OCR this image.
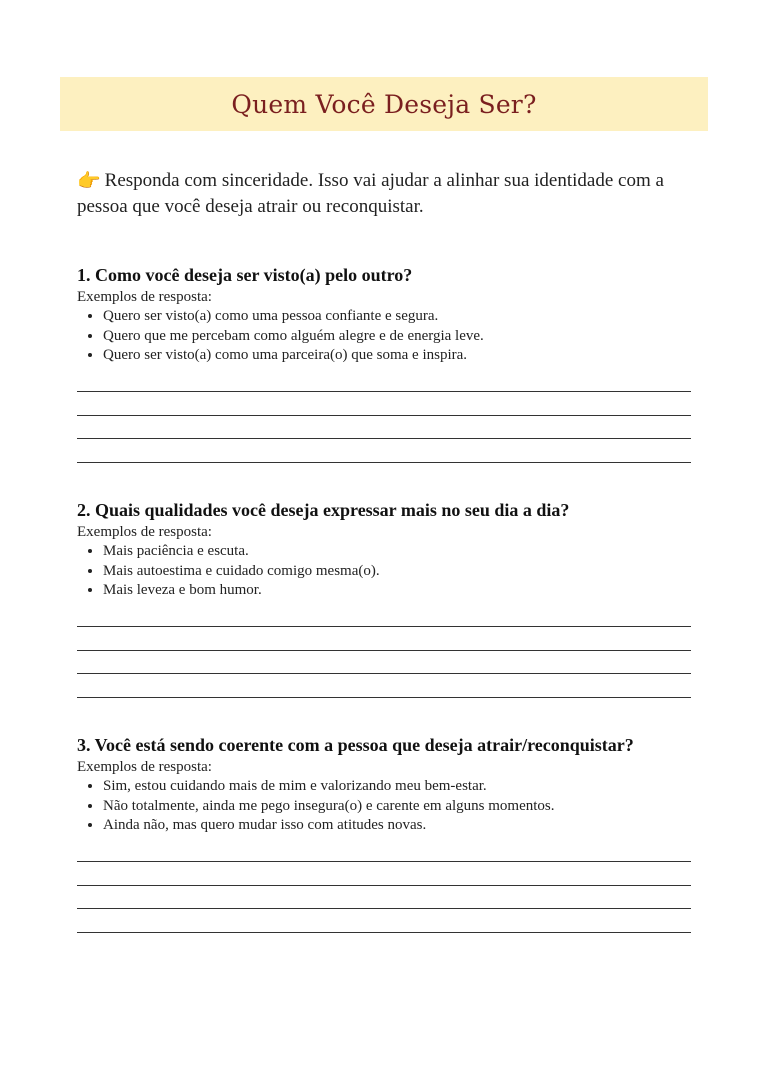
Quem Você Deseja Ser?
👉 Responda com sinceridade. Isso vai ajudar a alinhar sua identidade com a pessoa que você deseja atrair ou reconquistar.
1. Como você deseja ser visto(a) pelo outro?

Exemplos de resposta:

• Quero ser visto(a) como uma pessoa confiante e segura.
• Quero que me percebam como alguém alegre e de energia leve.
• Quero ser visto(a) como uma parceira(o) que soma e inspira.
2. Quais qualidades você deseja expressar mais no seu dia a dia?

Exemplos de resposta:

• Mais paciência e escuta.
• Mais autoestima e cuidado comigo mesma(o).
• Mais leveza e bom humor.
3. Você está sendo coerente com a pessoa que deseja atrair/reconquistar?

Exemplos de resposta:

• Sim, estou cuidando mais de mim e valorizando meu bem-estar.
• Não totalmente, ainda me pego insegura(o) e carente em alguns momentos.
• Ainda não, mas quero mudar isso com atitudes novas.
